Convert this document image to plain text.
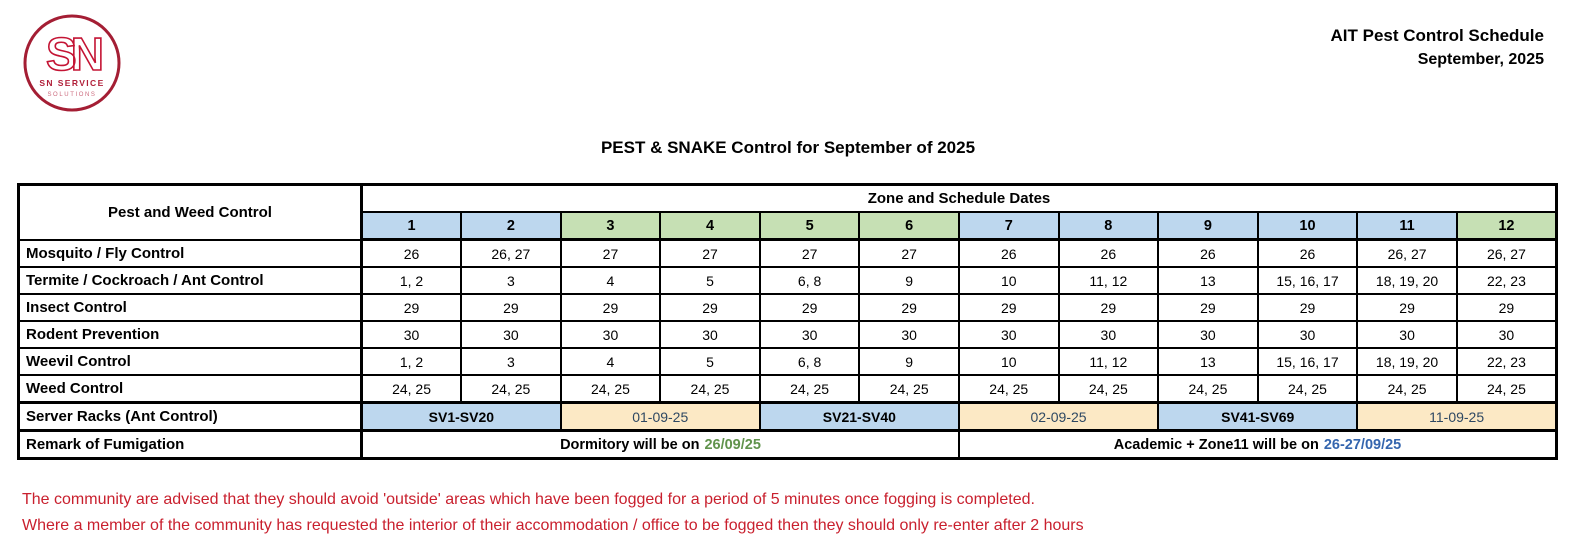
SN
SN SERVICE
SOLUTIONS
AIT Pest Control Schedule
September, 2025
PEST & SNAKE Control for September of 2025
Pest and Weed Control	Zone and Schedule Dates											
	1	2	3	4	5	6	7	8	9	10	11	12
Mosquito / Fly Control	26	26, 27	27	27	27	27	26	26	26	26	26, 27	26, 27
Termite / Cockroach / Ant Control	1, 2	3	4	5	6, 8	9	10	11, 12	13	15, 16, 17	18, 19, 20	22, 23
Insect Control	29	29	29	29	29	29	29	29	29	29	29	29
Rodent Prevention	30	30	30	30	30	30	30	30	30	30	30	30
Weevil Control	1, 2	3	4	5	6, 8	9	10	11, 12	13	15, 16, 17	18, 19, 20	22, 23
Weed Control	24, 25	24, 25	24, 25	24, 25	24, 25	24, 25	24, 25	24, 25	24, 25	24, 25	24, 25	24, 25
Server Racks (Ant Control)	SV1-SV20		01-09-25		SV21-SV40		02-09-25		SV41-SV69		11-09-25	
Remark of Fumigation	Dormitory will be on 26/09/25						Academic + Zone11 will be on 26-27/09/25					
The community are advised that they should avoid 'outside' areas which have been fogged for a period of 5 minutes once fogging is completed.
Where a member of the community has requested the interior of their accommodation / office to be fogged then they should only re-enter after 2 hours
